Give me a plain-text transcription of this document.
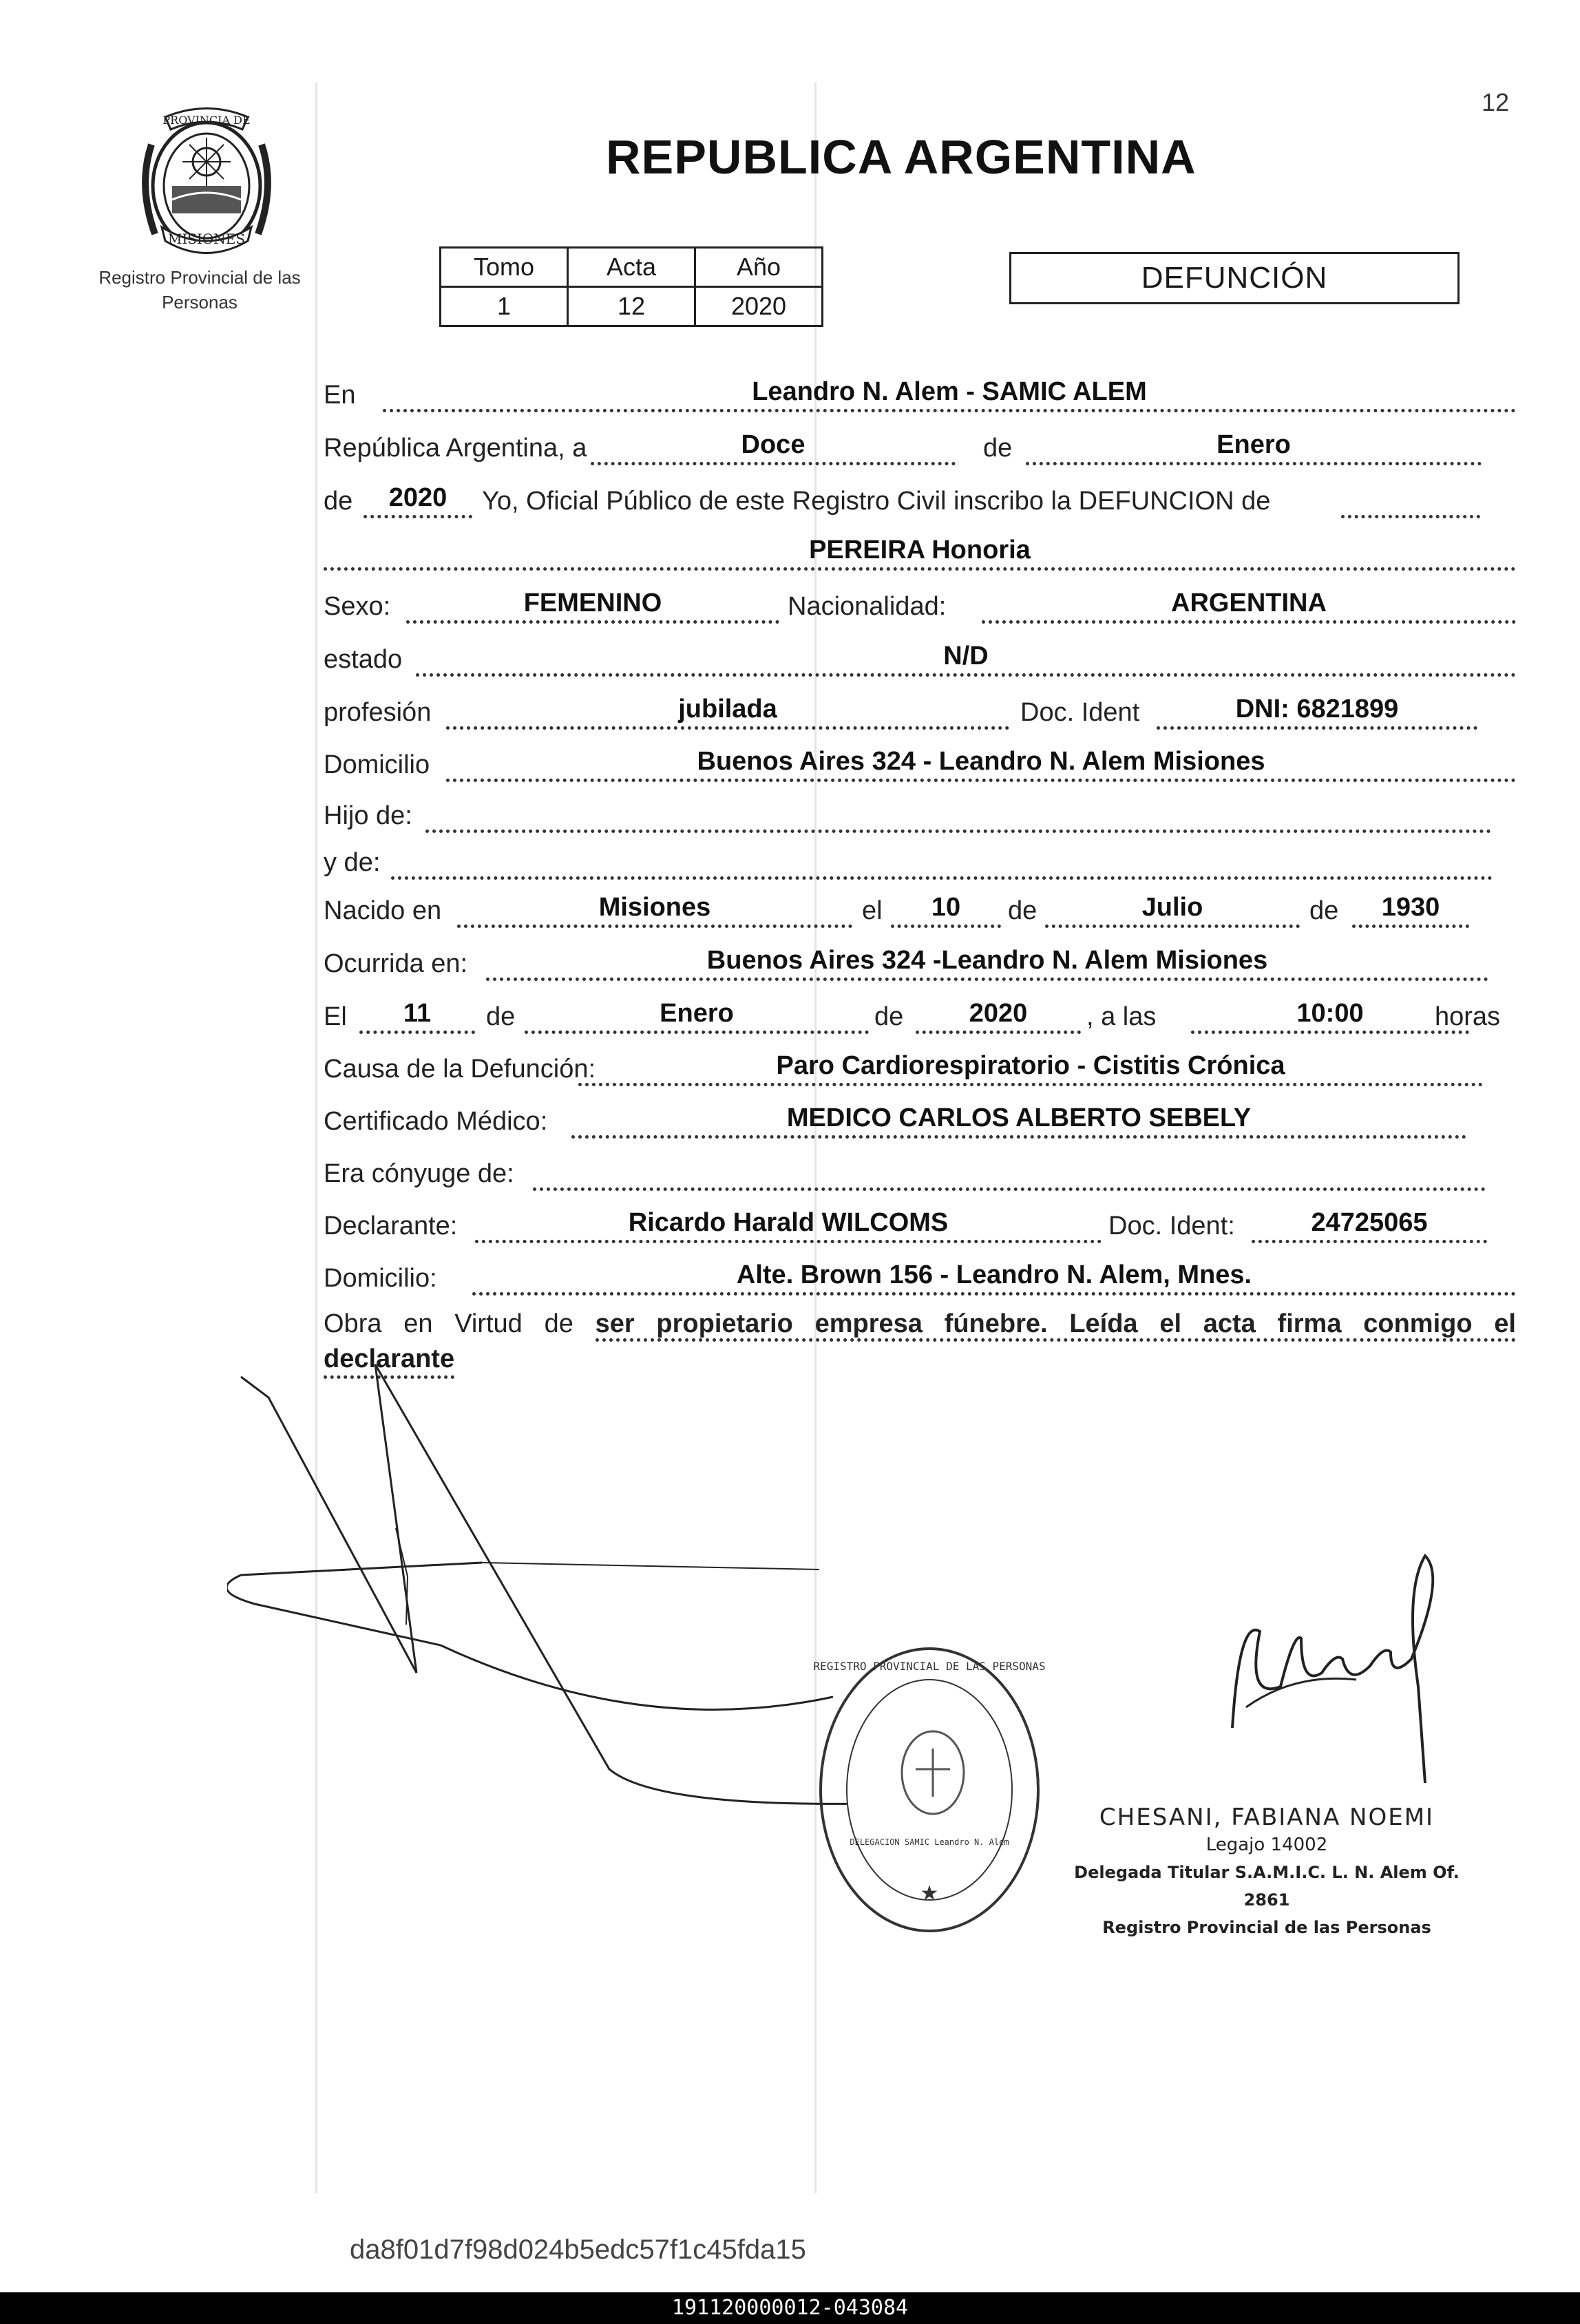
12
PROVINCIA DE
MISIONES
Registro Provincial de las Personas
REPUBLICA ARGENTINA
Tomo	Acta	Año
1	12	2020
DEFUNCIÓN
En	Leandro N. Alem - SAMIC ALEM
República Argentina, a	Doce	de	Enero
de	2020	Yo, Oficial Público de este Registro Civil inscribo la DEFUNCION de
PEREIRA Honoria
Sexo:	FEMENINO	Nacionalidad:	ARGENTINA
estado	N/D
profesión	jubilada	Doc. Ident	DNI: 6821899
Domicilio	Buenos Aires 324 - Leandro N. Alem Misiones
Hijo de:
y de:
Nacido en	Misiones	el	10	de	Julio	de	1930
Ocurrida en:	Buenos Aires 324 -Leandro N. Alem Misiones
El	11	de	Enero	de	2020	, a las	10:00	horas
Causa de la Defunción:	Paro Cardiorespiratorio - Cistitis Crónica
Certificado Médico:	MEDICO CARLOS ALBERTO SEBELY
Era cónyuge de:
Declarante:	Ricardo Harald WILCOMS	Doc. Ident:	24725065
Domicilio:	Alte. Brown 156 - Leandro N. Alem, Mnes.
Obra en Virtud de ser propietario empresa fúnebre. Leída el acta firma conmigo el
declarante
★
REGISTRO PROVINCIAL DE LAS PERSONAS
DELEGACION SAMIC Leandro N. Alem
CHESANI, FABIANA NOEMI
Legajo 14002
Delegada Titular S.A.M.I.C. L. N. Alem Of. 2861
Registro Provincial de las Personas
da8f01d7f98d024b5edc57f1c45fda15
191120000012-043084
